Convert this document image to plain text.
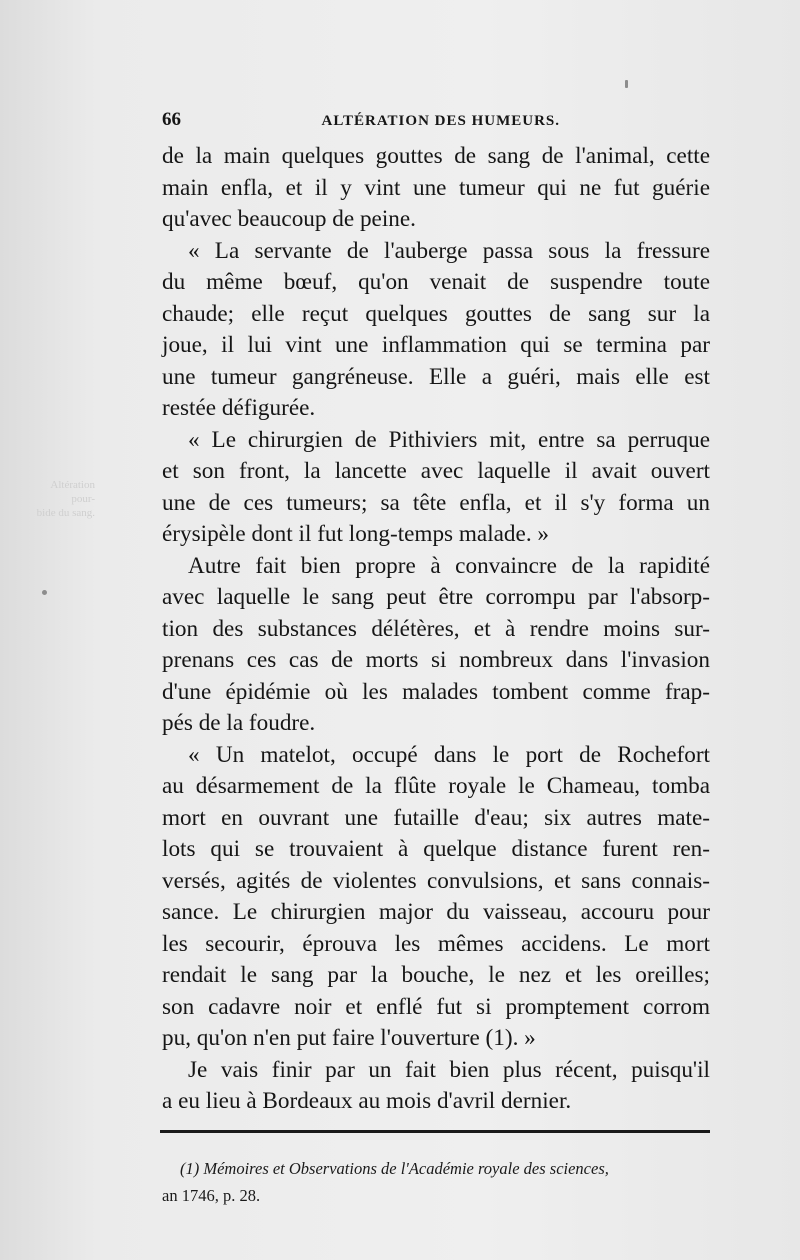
Altération pour-
bide du sang.
66	ALTÉRATION DES HUMEURS.
de la main quelques gouttes de sang de l'animal, cette
main enfla, et il y vint une tumeur qui ne fut guérie
qu'avec beaucoup de peine.
« La servante de l'auberge passa sous la fressure
du même bœuf, qu'on venait de suspendre toute
chaude; elle reçut quelques gouttes de sang sur la
joue, il lui vint une inflammation qui se termina par
une tumeur gangréneuse. Elle a guéri, mais elle est
restée défigurée.
« Le chirurgien de Pithiviers mit, entre sa perruque
et son front, la lancette avec laquelle il avait ouvert
une de ces tumeurs; sa tête enfla, et il s'y forma un
érysipèle dont il fut long-temps malade. »
Autre fait bien propre à convaincre de la rapidité
avec laquelle le sang peut être corrompu par l'absorp-
tion des substances délétères, et à rendre moins sur-
prenans ces cas de morts si nombreux dans l'invasion
d'une épidémie où les malades tombent comme frap-
pés de la foudre.
« Un matelot, occupé dans le port de Rochefort
au désarmement de la flûte royale le Chameau, tomba
mort en ouvrant une futaille d'eau; six autres mate-
lots qui se trouvaient à quelque distance furent ren-
versés, agités de violentes convulsions, et sans connais-
sance. Le chirurgien major du vaisseau, accouru pour
les secourir, éprouva les mêmes accidens. Le mort
rendait le sang par la bouche, le nez et les oreilles;
son cadavre noir et enflé fut si promptement corrom
pu, qu'on n'en put faire l'ouverture (1). »
Je vais finir par un fait bien plus récent, puisqu'il
a eu lieu à Bordeaux au mois d'avril dernier.
(1) Mémoires et Observations de l'Académie royale des sciences,
an 1746, p. 28.
